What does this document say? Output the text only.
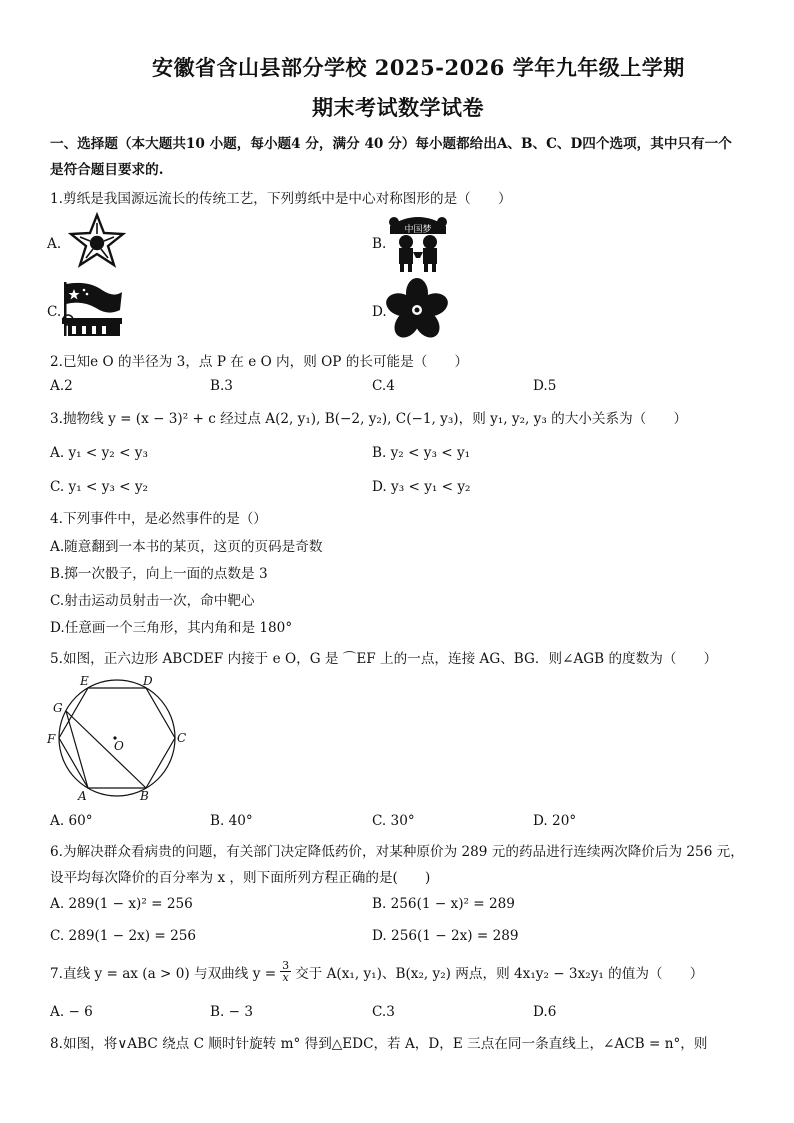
安徽省含山县部分学校 2025-2026 学年九年级上学期
期末考试数学试卷
一、选择题（本大题共10 小题，每小题4 分，满分 40 分）每小题都给出A、B、C、D四个选项，其中只有一个
是符合题目要求的.
1.剪纸是我国源远流长的传统工艺，下列剪纸中是中心对称图形的是（　　）
A.	B.
中国梦
C.	D.
2.已知e O 的半径为 3，点 P 在 e O 内，则 OP 的长可能是（　　）
A.2	B.3	C.4	D.5
3.抛物线 y = (x − 3)² + c 经过点 A(2, y₁), B(−2, y₂), C(−1, y₃)，则 y₁, y₂, y₃ 的大小关系为（　　）
A. y₁ < y₂ < y₃	B. y₂ < y₃ < y₁
C. y₁ < y₃ < y₂	D. y₃ < y₁ < y₂
4.下列事件中，是必然事件的是（）
A.随意翻到一本书的某页，这页的页码是奇数
B.掷一次骰子，向上一面的点数是 3
C.射击运动员射击一次，命中靶心
D.任意画一个三角形，其内角和是 180°
5.如图，正六边形 ABCDEF 内接于 e O，G 是 ⌒EF 上的一点，连接 AG、BG．则∠AGB 的度数为（　　）
E	D
G
F	O
C
A	B
A. 60°	B. 40°	C. 30°	D. 20°
6.为解决群众看病贵的问题，有关部门决定降低药价，对某种原价为 289 元的药品进行连续两次降价后为 256 元，
设平均每次降价的百分率为 x ，则下面所列方程正确的是(　　)
A. 289(1 − x)² = 256	B. 256(1 − x)² = 289
C. 289(1 − 2x) = 256	D. 256(1 − 2x) = 289
7.直线 y = ax (a > 0) 与双曲线 $y = \frac{3}{x}$ 交于 A(x₁, y₁)、B(x₂, y₂) 两点，则 4x₁y₂ − 3x₂y₁ 的值为（　　）
A. − 6	B. − 3	C.3	D.6
8.如图，将∨ABC 绕点 C 顺时针旋转 m° 得到△EDC，若 A，D，E 三点在同一条直线上，∠ACB = n°，则
